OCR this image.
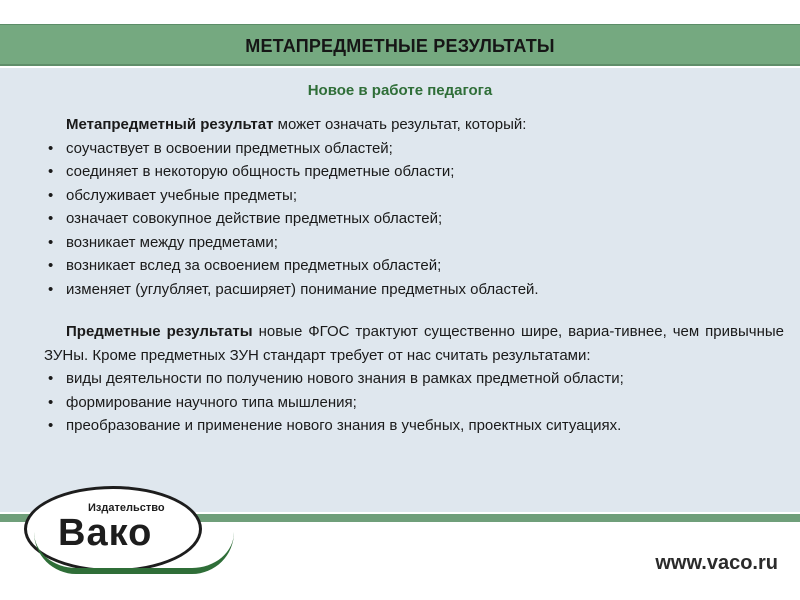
МЕТАПРЕДМЕТНЫЕ РЕЗУЛЬТАТЫ
Новое в работе педагога
Метапредметный результат может означать результат, который:
• соучаствует в освоении предметных областей;
• соединяет в некоторую общность предметные области;
• обслуживает учебные предметы;
• означает совокупное действие предметных областей;
• возникает между предметами;
• возникает вслед за освоением предметных областей;
• изменяет (углубляет, расширяет) понимание предметных областей.
Предметные результаты новые ФГОС трактуют существенно шире, вариа-тивнее, чем привычные ЗУНы. Кроме предметных ЗУН стандарт требует от нас считать результатами:
• виды деятельности по получению нового знания в рамках предметной области;
• формирование научного типа мышления;
• преобразование и применение нового знания в учебных, проектных ситуациях.
Издательство
Вако
www.vaco.ru
